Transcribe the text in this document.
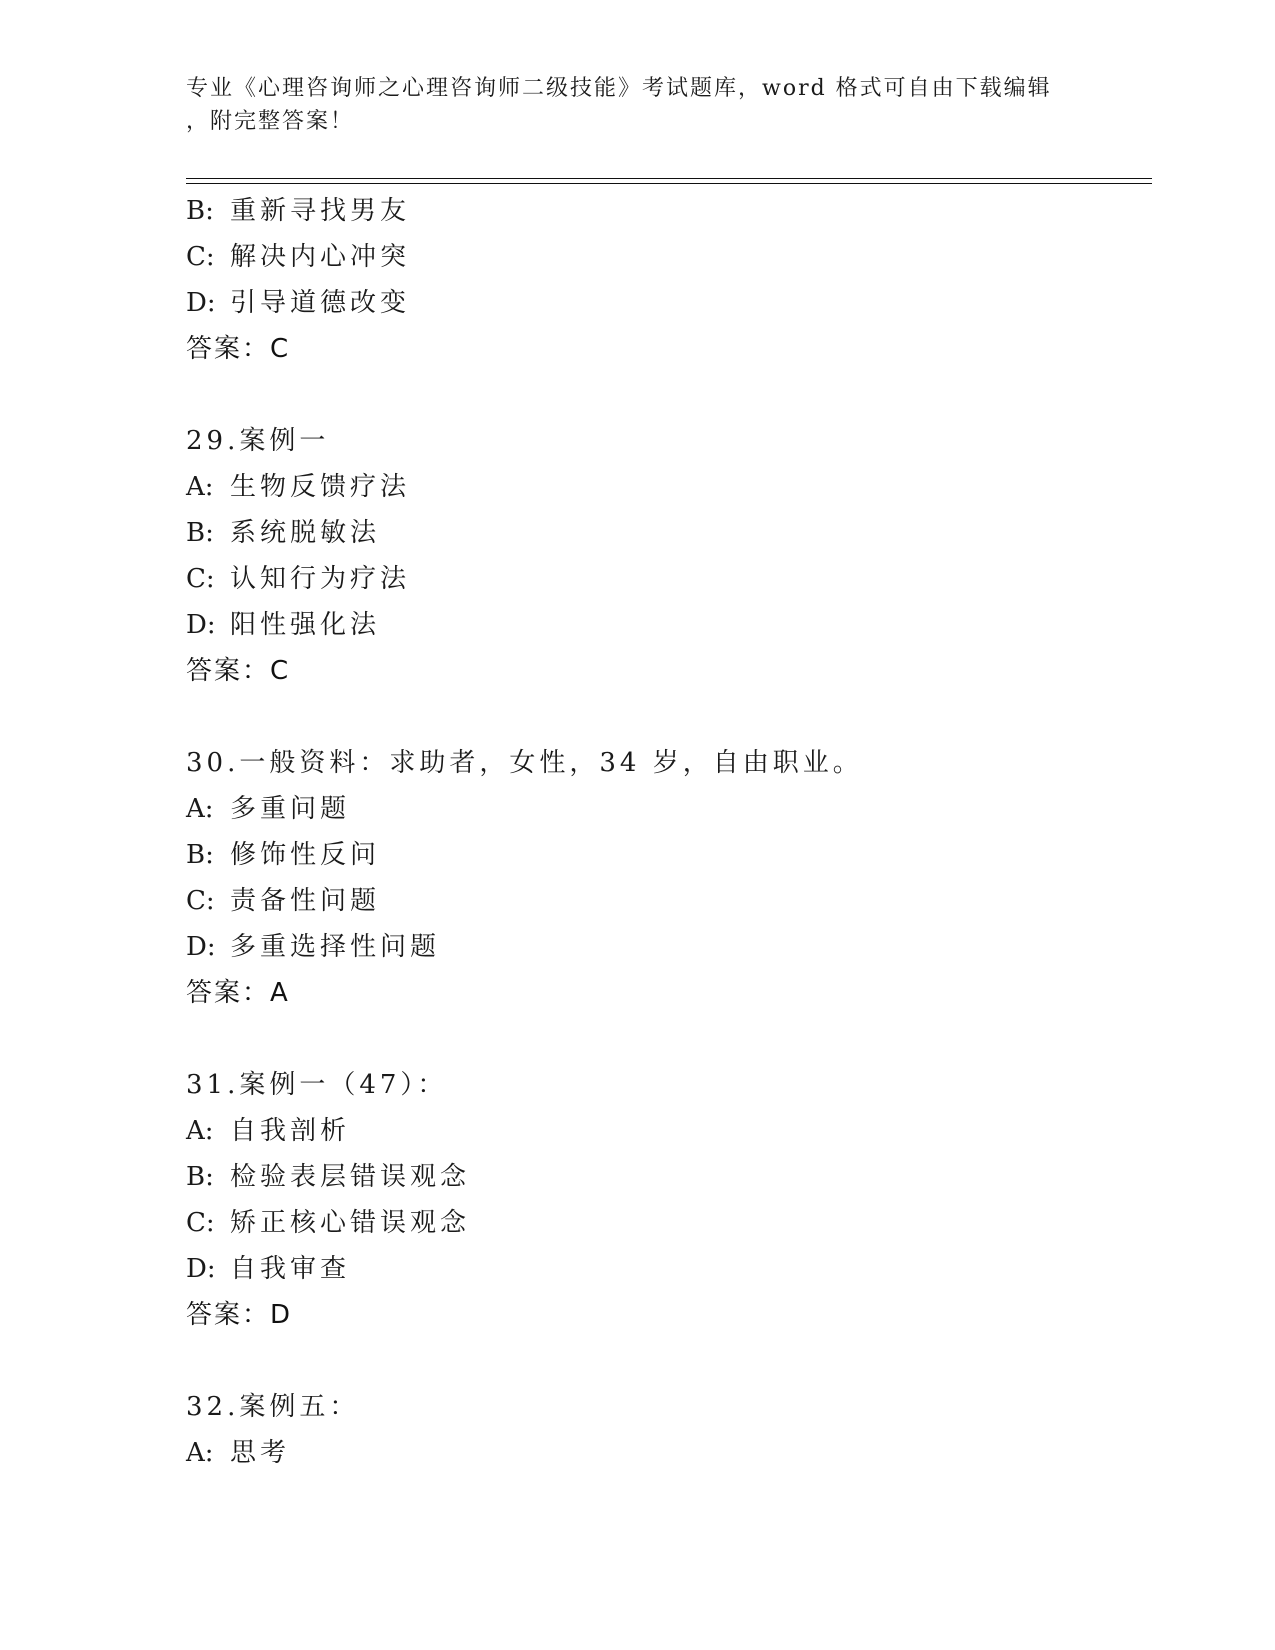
专业《心理咨询师之心理咨询师二级技能》考试题库，word 格式可自由下载编辑
，附完整答案！
B: 重新寻找男友
C: 解决内心冲突
D: 引导道德改变
答案：C
29.案例一
A: 生物反馈疗法
B: 系统脱敏法
C: 认知行为疗法
D: 阳性强化法
答案：C
30.一般资料：求助者，女性，34 岁，自由职业。
A: 多重问题
B: 修饰性反问
C: 责备性问题
D: 多重选择性问题
答案：A
31.案例一（47）：
A: 自我剖析
B: 检验表层错误观念
C: 矫正核心错误观念
D: 自我审查
答案：D
32.案例五：
A: 思考
